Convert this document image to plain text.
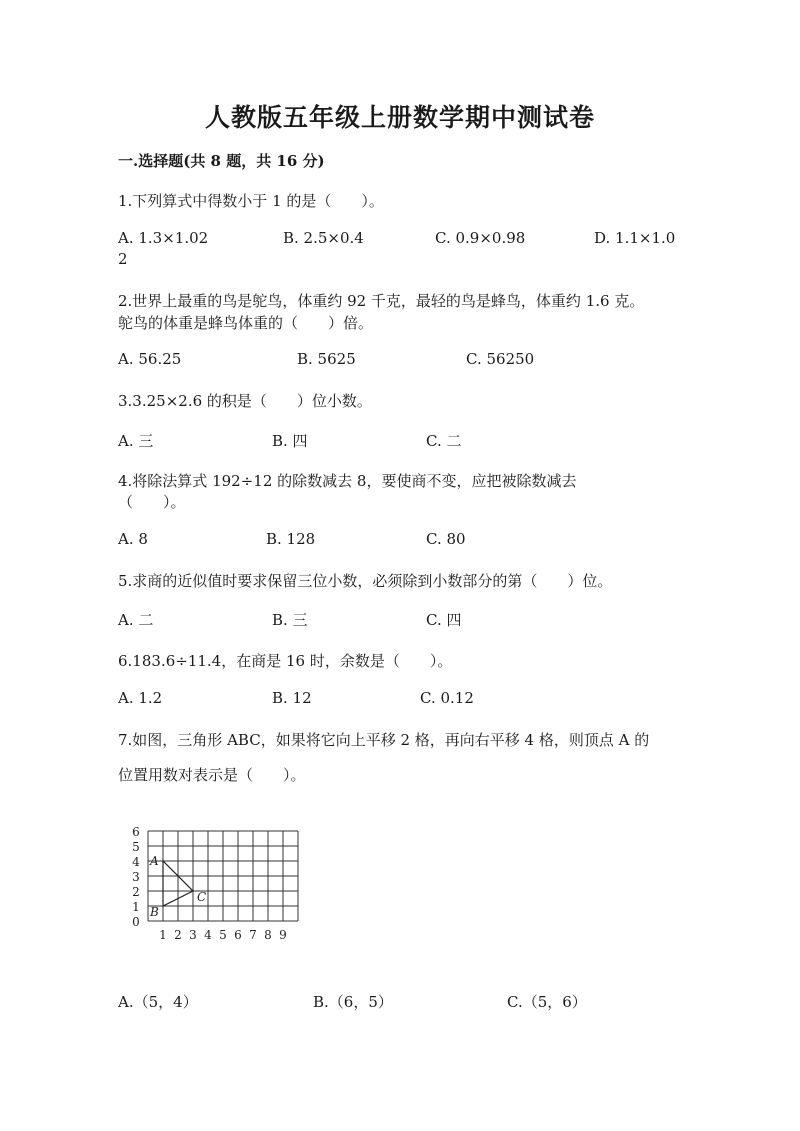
人教版五年级上册数学期中测试卷
一.选择题(共 8 题，共 16 分)
1.下列算式中得数小于 1 的是（　　）。
A. 1.3×1.02	B. 2.5×0.4	C. 0.9×0.98	D. 1.1×1.0
2
2.世界上最重的鸟是鸵鸟，体重约 92 千克，最轻的鸟是蜂鸟，体重约 1.6 克。
鸵鸟的体重是蜂鸟体重的（　　）倍。
A. 56.25	B. 5625	C. 56250
3.3.25×2.6 的积是（　　）位小数。
A. 三	B. 四	C. 二
4.将除法算式 192÷12 的除数减去 8，要使商不变，应把被除数减去
（　　）。
A. 8	B. 128	C. 80
5.求商的近似值时要求保留三位小数，必须除到小数部分的第（　　）位。
A. 二	B. 三	C. 四
6.183.6÷11.4，在商是 16 时，余数是（　　）。
A. 1.2	B. 12	C. 0.12
7.如图，三角形 ABC，如果将它向上平移 2 格，再向右平移 4 格，则顶点 A 的
位置用数对表示是（　　）。
1 2 3 4 5 6 7 8 9
0
1
2
3
4
5
6
A
B
C
A.（5，4）	B.（6，5）	C.（5，6）
